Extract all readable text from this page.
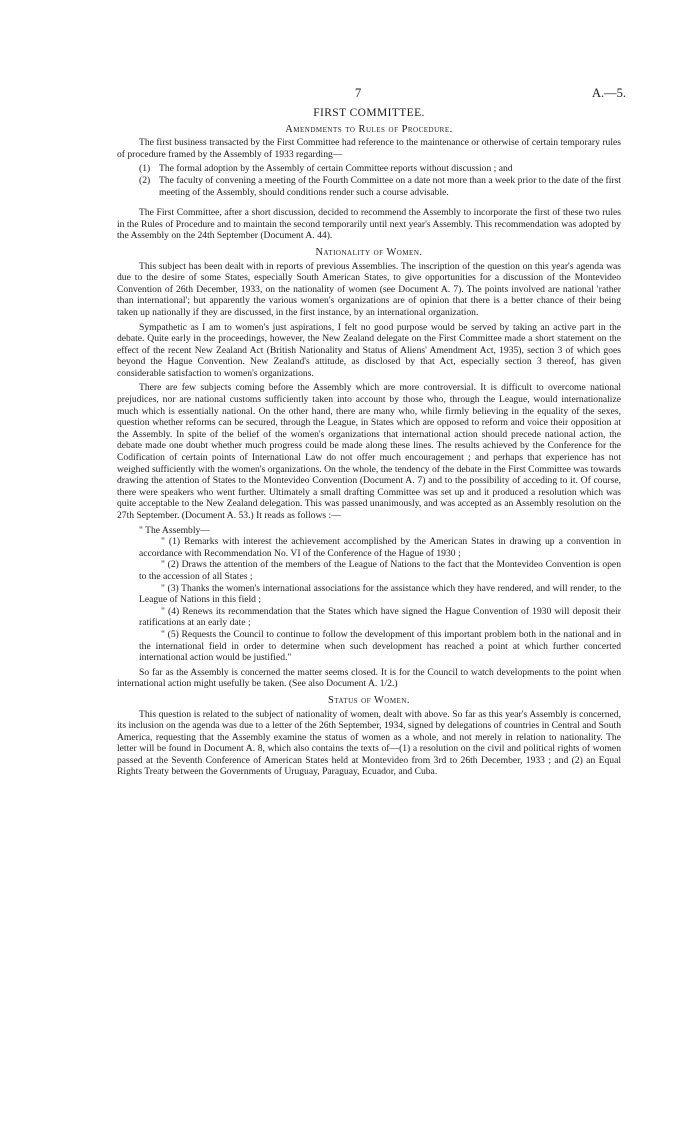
7	A.—5.
FIRST COMMITTEE.
Amendments to Rules of Procedure.

The first business transacted by the First Committee had reference to the maintenance or otherwise of certain temporary rules of procedure framed by the Assembly of 1933 regarding—

(1) The formal adoption by the Assembly of certain Committee reports without discussion ; and
(2) The faculty of convening a meeting of the Fourth Committee on a date not more than a week prior to the date of the first meeting of the Assembly, should conditions render such a course advisable.

The First Committee, after a short discussion, decided to recommend the Assembly to incorporate the first of these two rules in the Rules of Procedure and to maintain the second temporarily until next year's Assembly. This recommendation was adopted by the Assembly on the 24th September (Document A. 44).

Nationality of Women.

This subject has been dealt with in reports of previous Assemblies. The inscription of the question on this year's agenda was due to the desire of some States, especially South American States, to give opportunities for a discussion of the Montevideo Convention of 26th December, 1933, on the nationality of women (see Document A. 7). The points involved are national 'rather than international'; but apparently the various women's organizations are of opinion that there is a better chance of their being taken up nationally if they are discussed, in the first instance, by an international organization.

Sympathetic as I am to women's just aspirations, I felt no good purpose would be served by taking an active part in the debate. Quite early in the proceedings, however, the New Zealand delegate on the First Committee made a short statement on the effect of the recent New Zealand Act (British Nationality and Status of Aliens' Amendment Act, 1935), section 3 of which goes beyond the Hague Convention. New Zealand's attitude, as disclosed by that Act, especially section 3 thereof, has given considerable satisfaction to women's organizations.

There are few subjects coming before the Assembly which are more controversial. It is difficult to overcome national prejudices, nor are national customs sufficiently taken into account by those who, through the League, would internationalize much which is essentially national. On the other hand, there are many who, while firmly believing in the equality of the sexes, question whether reforms can be secured, through the League, in States which are opposed to reform and voice their opposition at the Assembly. In spite of the belief of the women's organizations that international action should precede national action, the debate made one doubt whether much progress could be made along these lines. The results achieved by the Conference for the Codification of certain points of International Law do not offer much encouragement ; and perhaps that experience has not weighed sufficiently with the women's organizations. On the whole, the tendency of the debate in the First Committee was towards drawing the attention of States to the Montevideo Convention (Document A. 7) and to the possibility of acceding to it. Of course, there were speakers who went further. Ultimately a small drafting Committee was set up and it produced a resolution which was quite acceptable to the New Zealand delegation. This was passed unanimously, and was accepted as an Assembly resolution on the 27th September. (Document A. 53.) It reads as follows :—

" The Assembly—

" (1) Remarks with interest the achievement accomplished by the American States in drawing up a convention in accordance with Recommendation No. VI of the Conference of the Hague of 1930 ;

" (2) Draws the attention of the members of the League of Nations to the fact that the Montevideo Convention is open to the accession of all States ;

" (3) Thanks the women's international associations for the assistance which they have rendered, and will render, to the League of Nations in this field ;

" (4) Renews its recommendation that the States which have signed the Hague Convention of 1930 will deposit their ratifications at an early date ;

" (5) Requests the Council to continue to follow the development of this important problem both in the national and in the international field in order to determine when such development has reached a point at which further concerted international action would be justified."

So far as the Assembly is concerned the matter seems closed. It is for the Council to watch developments to the point when international action might usefully be taken. (See also Document A. 1/2.)

Status of Women.

This question is related to the subject of nationality of women, dealt with above. So far as this year's Assembly is concerned, its inclusion on the agenda was due to a letter of the 26th September, 1934, signed by delegations of countries in Central and South America, requesting that the Assembly examine the status of women as a whole, and not merely in relation to nationality. The letter will be found in Document A. 8, which also contains the texts of—(1) a resolution on the civil and political rights of women passed at the Seventh Conference of American States held at Montevideo from 3rd to 26th December, 1933 ; and (2) an Equal Rights Treaty between the Governments of Uruguay, Paraguay, Ecuador, and Cuba.
